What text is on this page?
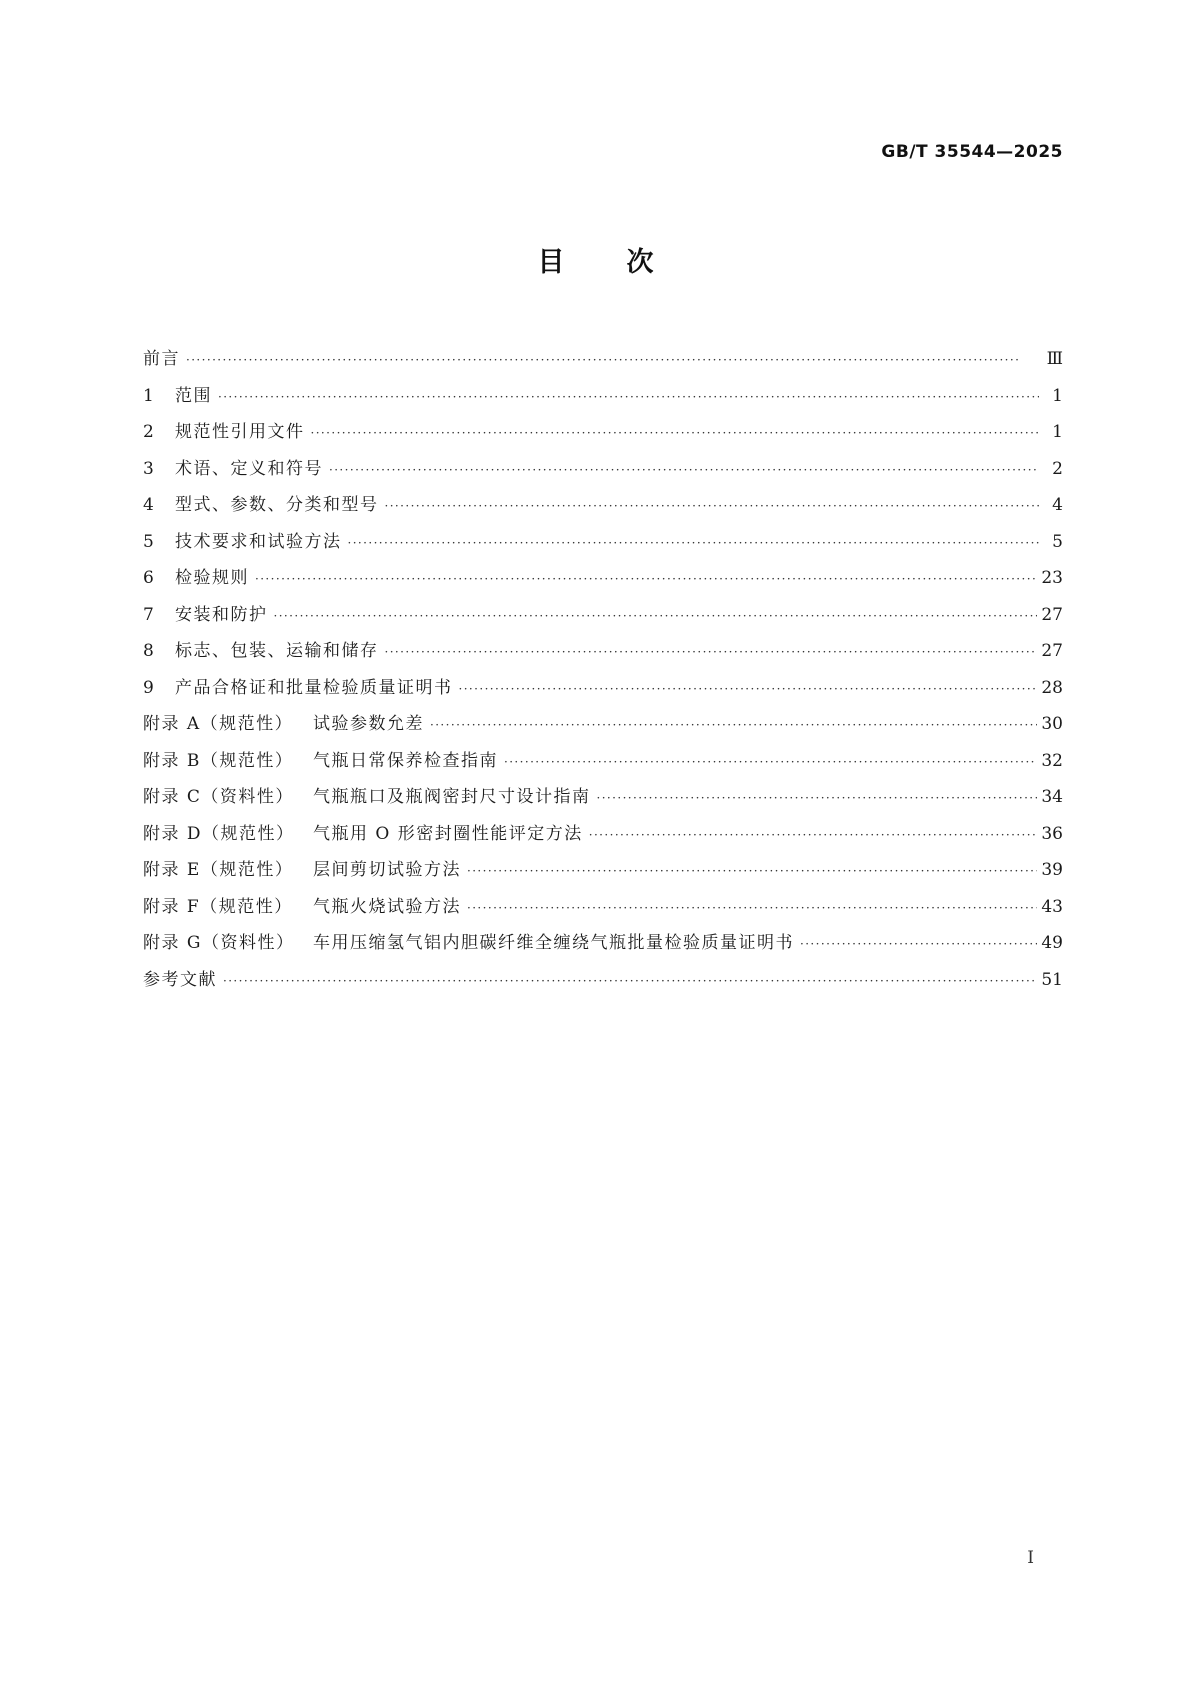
GB/T 35544—2025
目次
前言 ·····	Ⅲ
1 范围 ·····	1
2 规范性引用文件 ·····	1
3 术语、定义和符号 ·····	2
4 型式、参数、分类和型号 ·····	4
5 技术要求和试验方法 ·····	5
6 检验规则 ·····	23
7 安装和防护 ·····	27
8 标志、包装、运输和储存 ·····	27
9 产品合格证和批量检验质量证明书 ·····	28
附录 A（规范性） 试验参数允差 ·····	30
附录 B（规范性） 气瓶日常保养检查指南 ·····	32
附录 C（资料性） 气瓶瓶口及瓶阀密封尺寸设计指南 ·····	34
附录 D（规范性） 气瓶用 O 形密封圈性能评定方法 ·····	36
附录 E（规范性） 层间剪切试验方法 ·····	39
附录 F（规范性） 气瓶火烧试验方法 ·····	43
附录 G（资料性） 车用压缩氢气铝内胆碳纤维全缠绕气瓶批量检验质量证明书 ·····	49
参考文献 ·····	51
Ⅰ
